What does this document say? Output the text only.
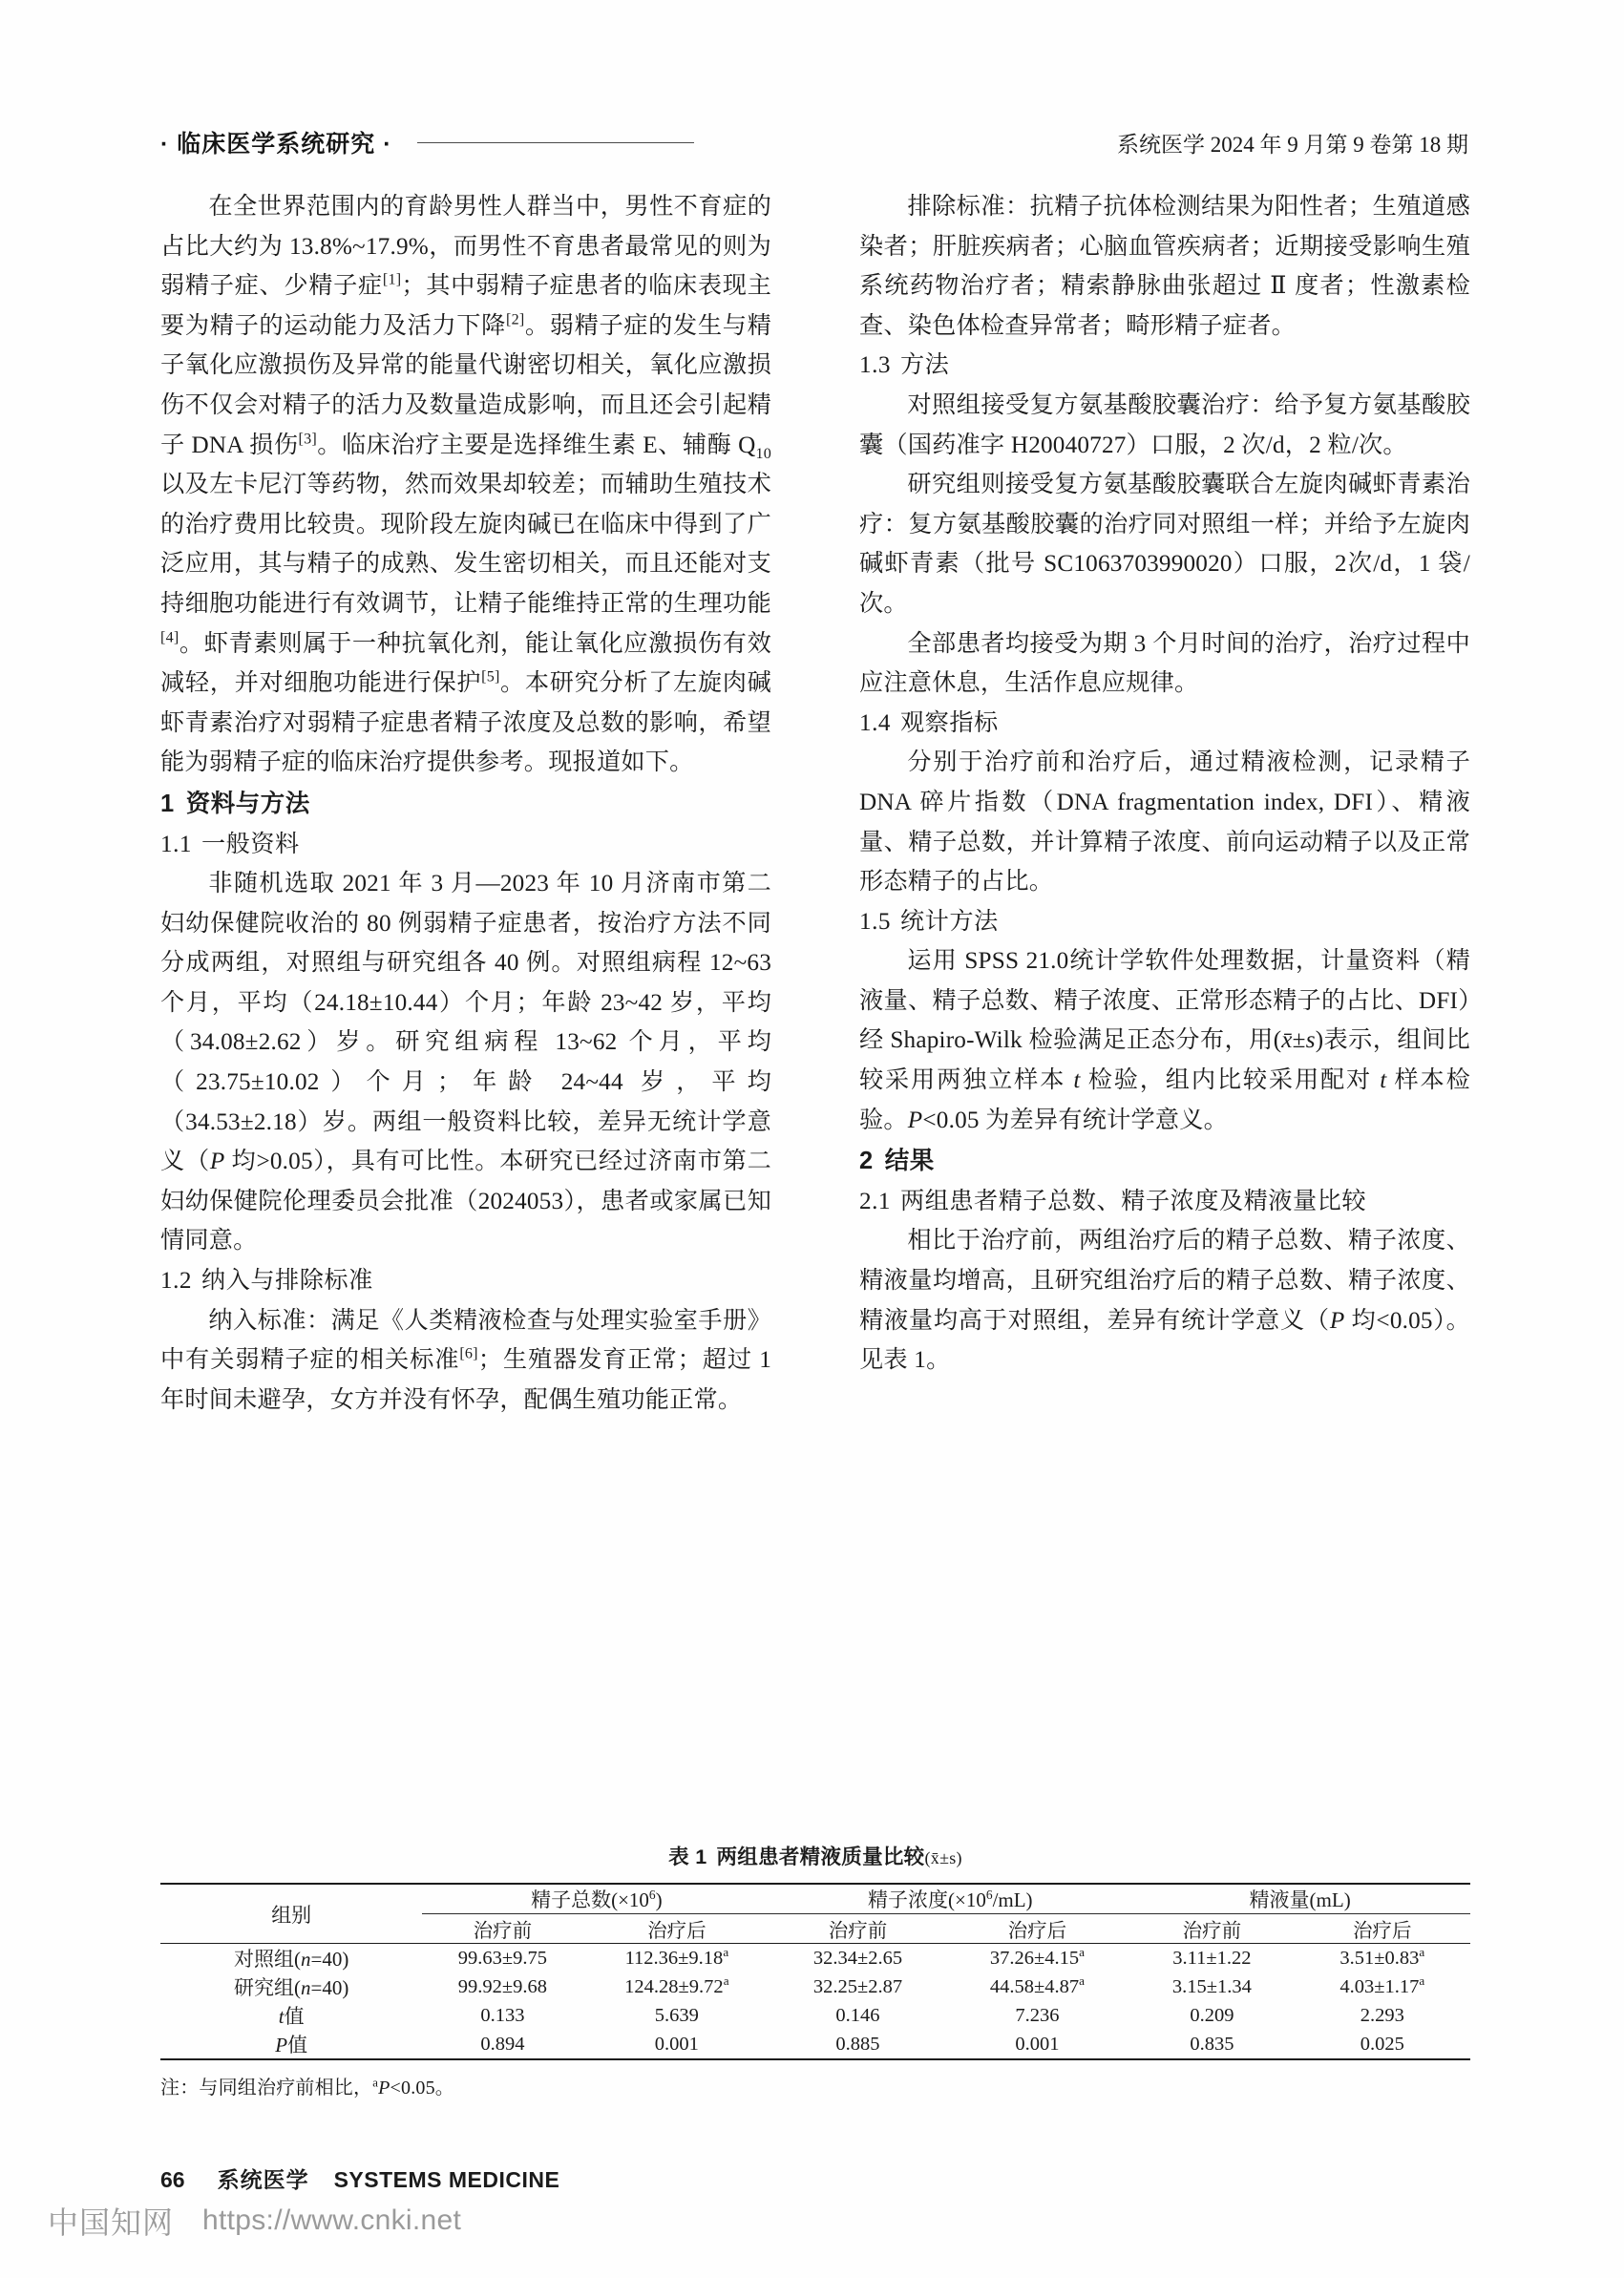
· 临床医学系统研究 ·	系统医学 2024 年 9 月第 9 卷第 18 期

在全世界范围内的育龄男性人群当中，男性不育症的占比大约为 13.8%~17.9%，而男性不育患者最常见的则为弱精子症、少精子症[1]；其中弱精子症患者的临床表现主要为精子的运动能力及活力下降[2]。弱精子症的发生与精子氧化应激损伤及异常的能量代谢密切相关，氧化应激损伤不仅会对精子的活力及数量造成影响，而且还会引起精子 DNA 损伤[3]。临床治疗主要是选择维生素 E、辅酶 $Q_{10}$以及左卡尼汀等药物，然而效果却较差；而辅助生殖技术的治疗费用比较贵。现阶段左旋肉碱已在临床中得到了广泛应用，其与精子的成熟、发生密切相关，而且还能对支持细胞功能进行有效调节，让精子能维持正常的生理功能[4]。虾青素则属于一种抗氧化剂，能让氧化应激损伤有效减轻，并对细胞功能进行保护[5]。本研究分析了左旋肉碱虾青素治疗对弱精子症患者精子浓度及总数的影响，希望能为弱精子症的临床治疗提供参考。现报道如下。

1 资料与方法
1.1 一般资料

非随机选取 2021 年 3 月—2023 年 10 月济南市第二妇幼保健院收治的 80 例弱精子症患者，按治疗方法不同分成两组，对照组与研究组各 40 例。对照组病程 12~63 个月，平均（24.18±10.44）个月；年龄 23~42 岁，平均（34.08±2.62）岁。研究组病程 13~62 个月，平均（23.75±10.02）个月；年龄 24~44 岁，平均（34.53±2.18）岁。两组一般资料比较，差异无统计学意义（P 均>0.05），具有可比性。本研究已经过济南市第二妇幼保健院伦理委员会批准（2024053），患者或家属已知情同意。

1.2 纳入与排除标准

纳入标准：满足《人类精液检查与处理实验室手册》中有关弱精子症的相关标准[6]；生殖器发育正常；超过 1 年时间未避孕，女方并没有怀孕，配偶生殖功能正常。

排除标准：抗精子抗体检测结果为阳性者；生殖道感染者；肝脏疾病者；心脑血管疾病者；近期接受影响生殖系统药物治疗者；精索静脉曲张超过 Ⅱ 度者；性激素检查、染色体检查异常者；畸形精子症者。

1.3 方法

对照组接受复方氨基酸胶囊治疗：给予复方氨基酸胶囊（国药准字 H20040727）口服，2 次/d，2 粒/次。

研究组则接受复方氨基酸胶囊联合左旋肉碱虾青素治疗：复方氨基酸胶囊的治疗同对照组一样；并给予左旋肉碱虾青素（批号 SC1063703990020）口服，2次/d，1 袋/次。

全部患者均接受为期 3 个月时间的治疗，治疗过程中应注意休息，生活作息应规律。

1.4 观察指标

分别于治疗前和治疗后，通过精液检测，记录精子 DNA 碎片指数（DNA fragmentation index, DFI）、精液量、精子总数，并计算精子浓度、前向运动精子以及正常形态精子的占比。

1.5 统计方法

运用 SPSS 21.0统计学软件处理数据，计量资料（精液量、精子总数、精子浓度、正常形态精子的占比、DFI）经 Shapiro-Wilk 检验满足正态分布，用(x̄±s)表示，组间比较采用两独立样本 t 检验，组内比较采用配对 t 样本检验。P<0.05 为差异有统计学意义。

2 结果
2.1 两组患者精子总数、精子浓度及精液量比较

相比于治疗前，两组治疗后的精子总数、精子浓度、精液量均增高，且研究组治疗后的精子总数、精子浓度、精液量均高于对照组，差异有统计学意义（P 均<0.05）。见表 1。

表 1 两组患者精液质量比较(x̄±s)
组别	精子总数$(\times 10^6)$		精子浓度$(\times 10^6/mL)$		精液量(mL)	
	治疗前	治疗后	治疗前	治疗后	治疗前	治疗后
对照组(n=40)	99.63±9.75	112.36±9.18$^a$	32.34±2.65	37.26±4.15$^a$	3.11±1.22	3.51±0.83$^a$
研究组(n=40)	99.92±9.68	124.28±9.72$^a$	32.25±2.87	44.58±4.87$^a$	3.15±1.34	4.03±1.17$^a$
t值	0.133	5.639	0.146	7.236	0.209	2.293
P值	0.894	0.001	0.885	0.001	0.835	0.025
注：与同组治疗前相比，$^a$P<0.05。
66 系统医学 SYSTEMS MEDICINE
中国知网 https://www.cnki.net
